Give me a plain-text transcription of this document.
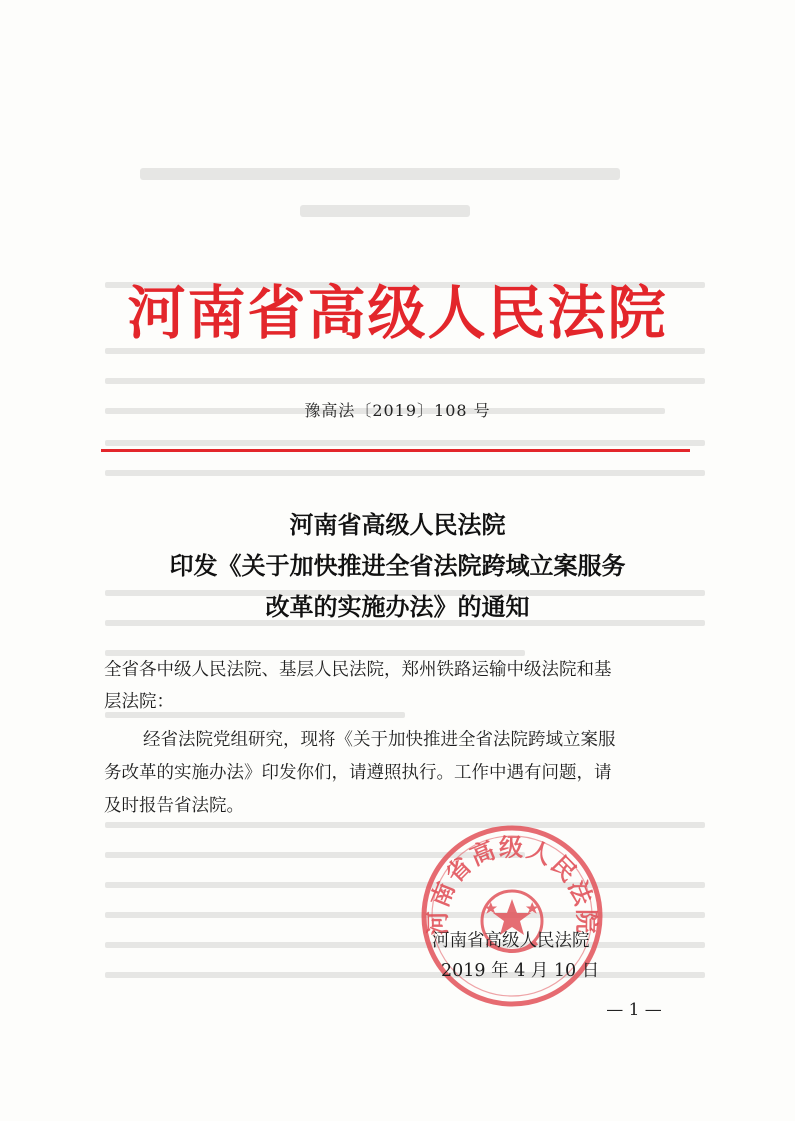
河南省高级人民法院
豫高法〔2019〕108 号
河南省高级人民法院
印发《关于加快推进全省法院跨域立案服务
改革的实施办法》的通知
全省各中级人民法院、基层人民法院，郑州铁路运输中级法院和基
层法院：
经省法院党组研究，现将《关于加快推进全省法院跨域立案服
务改革的实施办法》印发你们，请遵照执行。工作中遇有问题，请
及时报告省法院。
河南省高级人民法院
河南省高级人民法院
2019 年 4 月 10 日
— 1 —
